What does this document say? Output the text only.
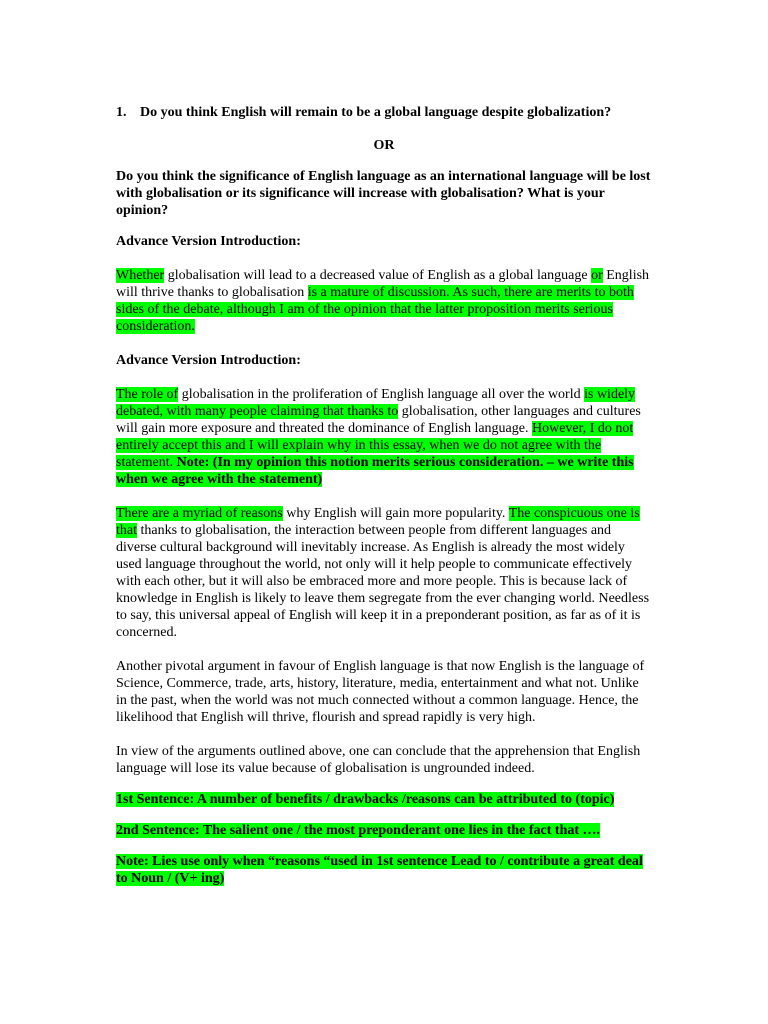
1. Do you think English will remain to be a global language despite globalization?

OR

Do you think the significance of English language as an international language will be lost with globalisation or its significance will increase with globalisation? What is your opinion?

Advance Version Introduction:

Whether globalisation will lead to a decreased value of English as a global language or English will thrive thanks to globalisation is a mature of discussion. As such, there are merits to both sides of the debate, although I am of the opinion that the latter proposition merits serious consideration.

Advance Version Introduction:

The role of globalisation in the proliferation of English language all over the world is widely debated, with many people claiming that thanks to globalisation, other languages and cultures will gain more exposure and threated the dominance of English language. However, I do not entirely accept this and I will explain why in this essay, when we do not agree with the statement. Note: (In my opinion this notion merits serious consideration. – we write this when we agree with the statement)

There are a myriad of reasons why English will gain more popularity. The conspicuous one is that thanks to globalisation, the interaction between people from different languages and diverse cultural background will inevitably increase. As English is already the most widely used language throughout the world, not only will it help people to communicate effectively with each other, but it will also be embraced more and more people. This is because lack of knowledge in English is likely to leave them segregate from the ever changing world. Needless to say, this universal appeal of English will keep it in a preponderant position, as far as of it is concerned.

Another pivotal argument in favour of English language is that now English is the language of Science, Commerce, trade, arts, history, literature, media, entertainment and what not. Unlike in the past, when the world was not much connected without a common language. Hence, the likelihood that English will thrive, flourish and spread rapidly is very high.

In view of the arguments outlined above, one can conclude that the apprehension that English language will lose its value because of globalisation is ungrounded indeed.

1st Sentence: A number of benefits / drawbacks /reasons can be attributed to (topic)

2nd Sentence: The salient one / the most preponderant one lies in the fact that ….

Note: Lies use only when “reasons “used in 1st sentence Lead to / contribute a great deal to Noun / (V+ ing)
